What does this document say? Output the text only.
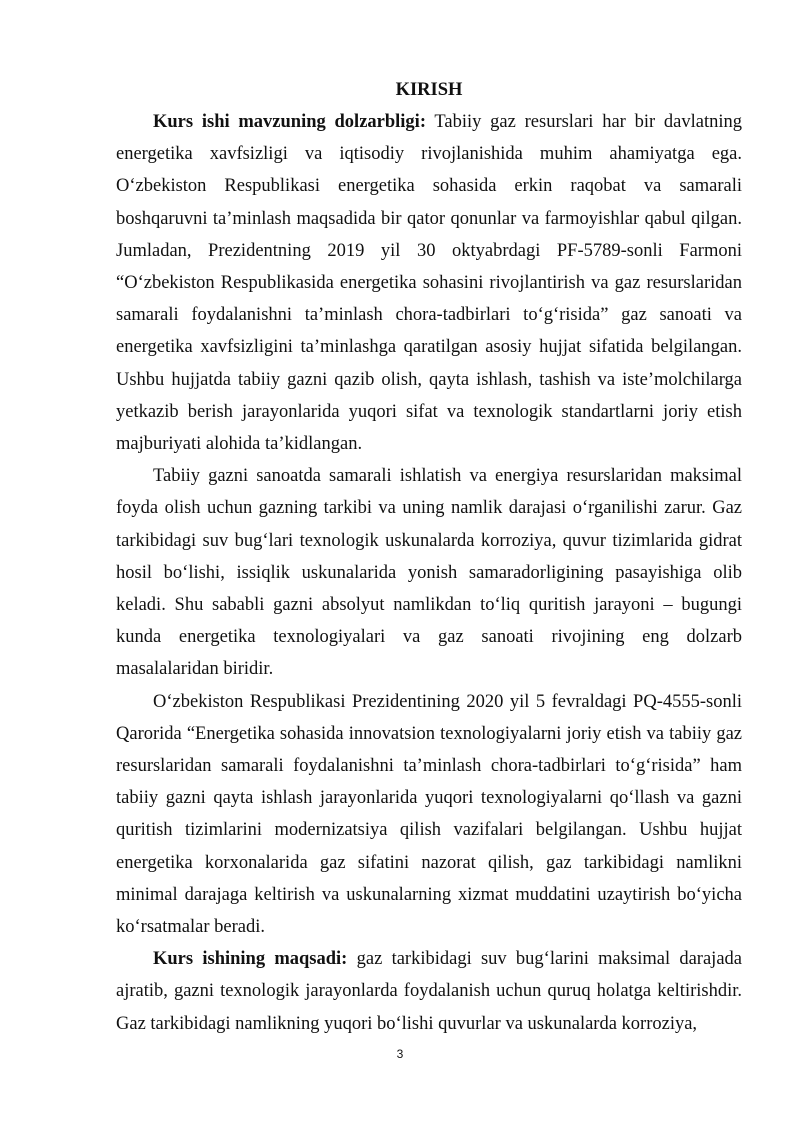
KIRISH

Kurs ishi mavzuning dolzarbligi: Tabiiy gaz resurslari har bir davlatning energetika xavfsizligi va iqtisodiy rivojlanishida muhim ahamiyatga ega. O‘zbekiston Respublikasi energetika sohasida erkin raqobat va samarali boshqaruvni ta’minlash maqsadida bir qator qonunlar va farmoyishlar qabul qilgan. Jumladan, Prezidentning 2019 yil 30 oktyabrdagi PF-5789-sonli Farmoni “O‘zbekiston Respublikasida energetika sohasini rivojlantirish va gaz resurslaridan samarali foydalanishni ta’minlash chora-tadbirlari to‘g‘risida” gaz sanoati va energetika xavfsizligini ta’minlashga qaratilgan asosiy hujjat sifatida belgilangan. Ushbu hujjatda tabiiy gazni qazib olish, qayta ishlash, tashish va iste’molchilarga yetkazib berish jarayonlarida yuqori sifat va texnologik standartlarni joriy etish majburiyati alohida ta’kidlangan.

Tabiiy gazni sanoatda samarali ishlatish va energiya resurslaridan maksimal foyda olish uchun gazning tarkibi va uning namlik darajasi o‘rganilishi zarur. Gaz tarkibidagi suv bug‘lari texnologik uskunalarda korroziya, quvur tizimlarida gidrat hosil bo‘lishi, issiqlik uskunalarida yonish samaradorligining pasayishiga olib keladi. Shu sababli gazni absolyut namlikdan to‘liq quritish jarayoni – bugungi kunda energetika texnologiyalari va gaz sanoati rivojining eng dolzarb masalalaridan biridir.

O‘zbekiston Respublikasi Prezidentining 2020 yil 5 fevraldagi PQ-4555-sonli Qarorida “Energetika sohasida innovatsion texnologiyalarni joriy etish va tabiiy gaz resurslaridan samarali foydalanishni ta’minlash chora-tadbirlari to‘g‘risida” ham tabiiy gazni qayta ishlash jarayonlarida yuqori texnologiyalarni qo‘llash va gazni quritish tizimlarini modernizatsiya qilish vazifalari belgilangan. Ushbu hujjat energetika korxonalarida gaz sifatini nazorat qilish, gaz tarkibidagi namlikni minimal darajaga keltirish va uskunalarning xizmat muddatini uzaytirish bo‘yicha ko‘rsatmalar beradi.

Kurs ishining maqsadi: gaz tarkibidagi suv bug‘larini maksimal darajada ajratib, gazni texnologik jarayonlarda foydalanish uchun quruq holatga keltirishdir. Gaz tarkibidagi namlikning yuqori bo‘lishi quvurlar va uskunalarda korroziya,

3
